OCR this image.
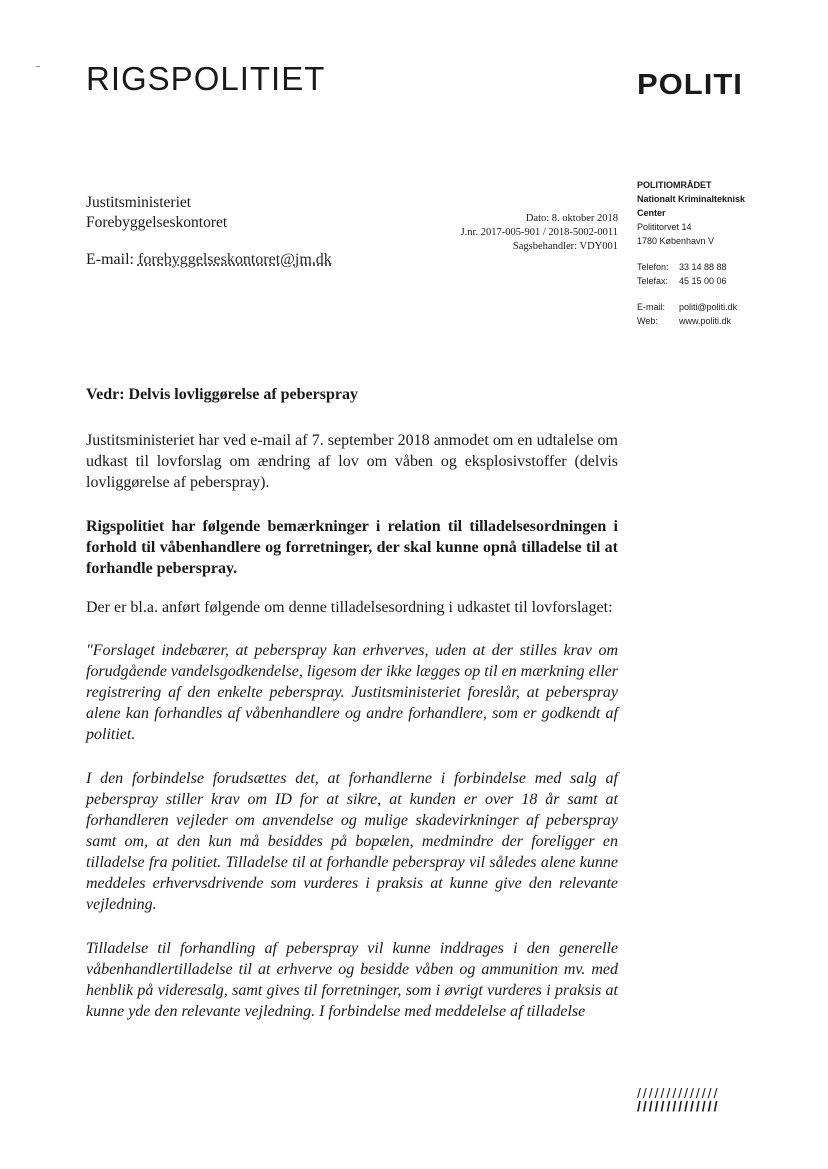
RIGSPOLITIET	POLITI
Justitsministeriet
Forebyggelseskontoret
E-mail: forebyggelseskontoret@jm.dk
Dato: 8. oktober 2018
J.nr. 2017-005-901 / 2018-5002-0011
Sagsbehandler: VDY001
POLITIOMRÅDET
Nationalt Kriminalteknisk
Center
Polititorvet 14
1780 København V
Telefon:	33 14 88 88
Telefax:	45 15 00 06
E-mail:	politi@politi.dk
Web:	www.politi.dk
Vedr: Delvis lovliggørelse af peberspray
Justitsministeriet har ved e-mail af 7. september 2018 anmodet om en udtalelse om udkast til lovforslag om ændring af lov om våben og eksplosivstoffer (delvis lovliggørelse af peberspray).
Rigspolitiet har følgende bemærkninger i relation til tilladelsesordningen i forhold til våbenhandlere og forretninger, der skal kunne opnå tilladelse til at forhandle peberspray.
Der er bl.a. anført følgende om denne tilladelsesordning i udkastet til lovforslaget:
"Forslaget indebærer, at peberspray kan erhverves, uden at der stilles krav om forudgående vandelsgodkendelse, ligesom der ikke lægges op til en mærkning eller registrering af den enkelte peberspray. Justitsministeriet foreslår, at peberspray alene kan forhandles af våbenhandlere og andre forhandlere, som er godkendt af politiet.
I den forbindelse forudsættes det, at forhandlerne i forbindelse med salg af peberspray stiller krav om ID for at sikre, at kunden er over 18 år samt at forhandleren vejleder om anvendelse og mulige skadevirkninger af peberspray samt om, at den kun må besiddes på bopælen, medmindre der foreligger en tilladelse fra politiet. Tilladelse til at forhandle peberspray vil således alene kunne meddeles erhvervsdrivende som vurderes i praksis at kunne give den relevante vejledning.
Tilladelse til forhandling af peberspray vil kunne inddrages i den generelle våbenhandlertilladelse til at erhverve og besidde våben og ammunition mv. med henblik på videresalg, samt gives til forretninger, som i øvrigt vurderes i praksis at kunne yde den relevante vejledning. I forbindelse med meddelelse af tilladelse
//////////////
//////////////
